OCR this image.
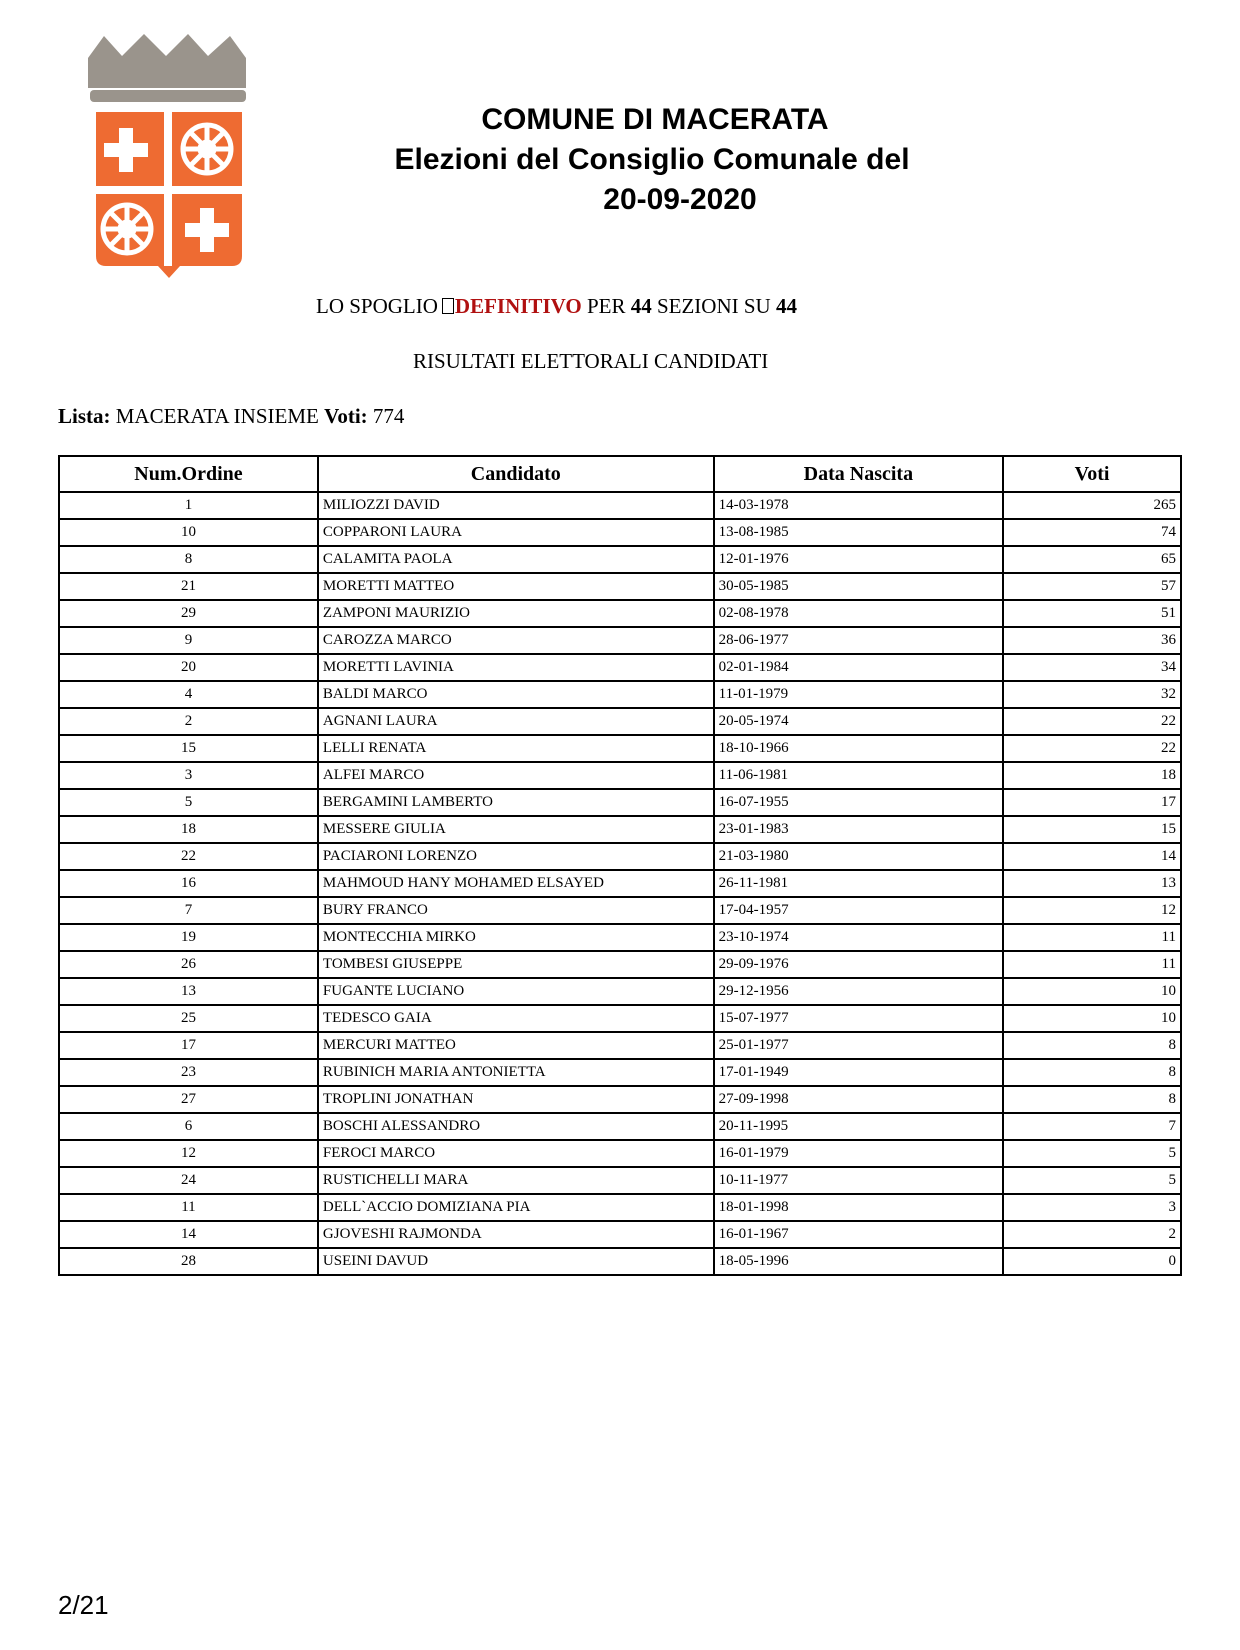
COMUNE DI MACERATA
Elezioni del Consiglio Comunale del
20-09-2020
LO SPOGLIO DEFINITIVO PER 44 SEZIONI SU 44
RISULTATI ELETTORALI CANDIDATI
Lista: MACERATA INSIEME Voti: 774
Num.Ordine	Candidato	Data Nascita	Voti
1	MILIOZZI DAVID	14-03-1978	265
10	COPPARONI LAURA	13-08-1985	74
8	CALAMITA PAOLA	12-01-1976	65
21	MORETTI MATTEO	30-05-1985	57
29	ZAMPONI MAURIZIO	02-08-1978	51
9	CAROZZA MARCO	28-06-1977	36
20	MORETTI LAVINIA	02-01-1984	34
4	BALDI MARCO	11-01-1979	32
2	AGNANI LAURA	20-05-1974	22
15	LELLI RENATA	18-10-1966	22
3	ALFEI MARCO	11-06-1981	18
5	BERGAMINI LAMBERTO	16-07-1955	17
18	MESSERE GIULIA	23-01-1983	15
22	PACIARONI LORENZO	21-03-1980	14
16	MAHMOUD HANY MOHAMED ELSAYED	26-11-1981	13
7	BURY FRANCO	17-04-1957	12
19	MONTECCHIA MIRKO	23-10-1974	11
26	TOMBESI GIUSEPPE	29-09-1976	11
13	FUGANTE LUCIANO	29-12-1956	10
25	TEDESCO GAIA	15-07-1977	10
17	MERCURI MATTEO	25-01-1977	8
23	RUBINICH MARIA ANTONIETTA	17-01-1949	8
27	TROPLINI JONATHAN	27-09-1998	8
6	BOSCHI ALESSANDRO	20-11-1995	7
12	FEROCI MARCO	16-01-1979	5
24	RUSTICHELLI MARA	10-11-1977	5
11	DELL`ACCIO DOMIZIANA PIA	18-01-1998	3
14	GJOVESHI RAJMONDA	16-01-1967	2
28	USEINI DAVUD	18-05-1996	0
2/21
